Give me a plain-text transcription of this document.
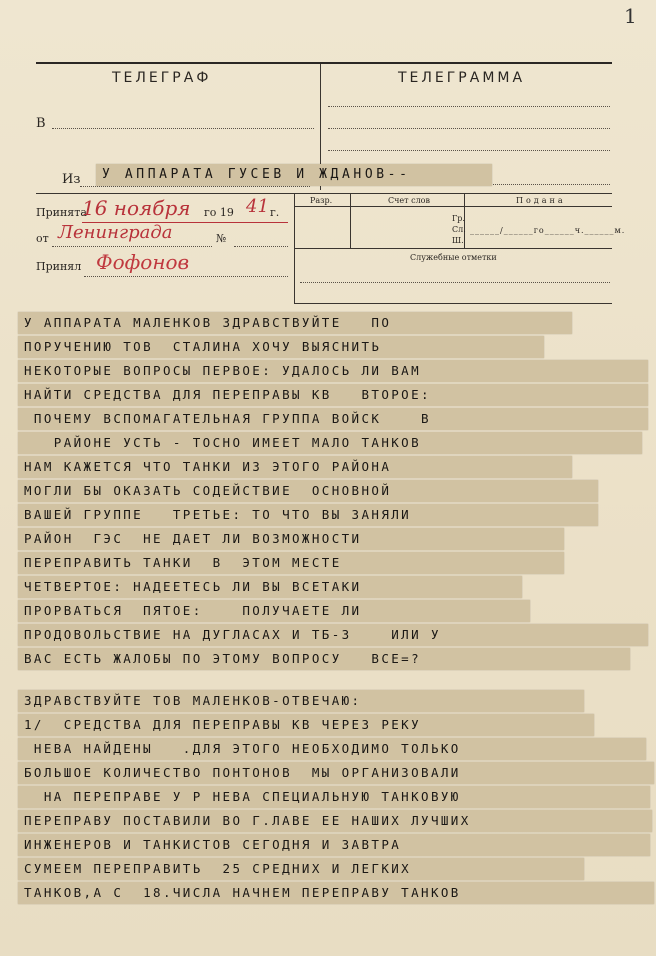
1
ТЕЛЕГРАФ	ТЕЛЕГРАММА
В
Из	У АППАРАТА ГУСЕВ И ЖДАНОВ--
Принята
16 ноября го 19 41 г.
от Ленинграда	№
Принял Фофонов
Разр.	Счет слов	Подана
Гр.
Сл.
Ш.
______/______го______ч.______м.
Служебные отметки
У АППАРАТА МАЛЕНКОВ ЗДРАВСТВУЙТЕ   ПО
ПОРУЧЕНИЮ ТОВ  СТАЛИНА ХОЧУ ВЫЯСНИТЬ
НЕКОТОРЫЕ ВОПРОСЫ ПЕРВОЕ: УДАЛОСЬ ЛИ ВАМ
НАЙТИ СРЕДСТВА ДЛЯ ПЕРЕПРАВЫ КВ   ВТОРОЕ:
ПОЧЕМУ ВСПОМАГАТЕЛЬНАЯ ГРУППА ВОЙСК    В
РАЙОНЕ УСТЬ - ТОСНО ИМЕЕТ МАЛО ТАНКОВ
НАМ КАЖЕТСЯ ЧТО ТАНКИ ИЗ ЭТОГО РАЙОНА
МОГЛИ БЫ ОКАЗАТЬ СОДЕЙСТВИЕ  ОСНОВНОЙ
ВАШЕЙ ГРУППЕ   ТРЕТЬЕ: ТО ЧТО ВЫ ЗАНЯЛИ
РАЙОН  ГЭС  НЕ ДАЕТ ЛИ ВОЗМОЖНОСТИ
ПЕРЕПРАВИТЬ ТАНКИ  В  ЭТОМ МЕСТЕ
ЧЕТВЕРТОЕ: НАДЕЕТЕСЬ ЛИ ВЫ ВСЕТАКИ
ПРОРВАТЬСЯ  ПЯТОЕ:    ПОЛУЧАЕТЕ ЛИ
ПРОДОВОЛЬСТВИЕ НА ДУГЛАСАХ И ТБ-3    ИЛИ У
ВАС ЕСТЬ ЖАЛОБЫ ПО ЭТОМУ ВОПРОСУ   ВСЕ=?
ЗДРАВСТВУЙТЕ ТОВ МАЛЕНКОВ-ОТВЕЧАЮ:
1/  СРЕДСТВА ДЛЯ ПЕРЕПРАВЫ КВ ЧЕРЕЗ РЕКУ
НЕВА НАЙДЕНЫ   .ДЛЯ ЭТОГО НЕОБХОДИМО ТОЛЬКО
БОЛЬШОЕ КОЛИЧЕСТВО ПОНТОНОВ  МЫ ОРГАНИЗОВАЛИ
НА ПЕРЕПРАВЕ У Р НЕВА СПЕЦИАЛЬНУЮ ТАНКОВУЮ
ПЕРЕПРАВУ ПОСТАВИЛИ ВО Г.ЛАВЕ ЕЕ НАШИХ ЛУЧШИХ
ИНЖЕНЕРОВ И ТАНКИСТОВ СЕГОДНЯ И ЗАВТРА
СУМЕЕМ ПЕРЕПРАВИТЬ  25 СРЕДНИХ И ЛЕГКИХ
ТАНКОВ,А С  18.ЧИСЛА НАЧНЕМ ПЕРЕПРАВУ ТАНКОВ
